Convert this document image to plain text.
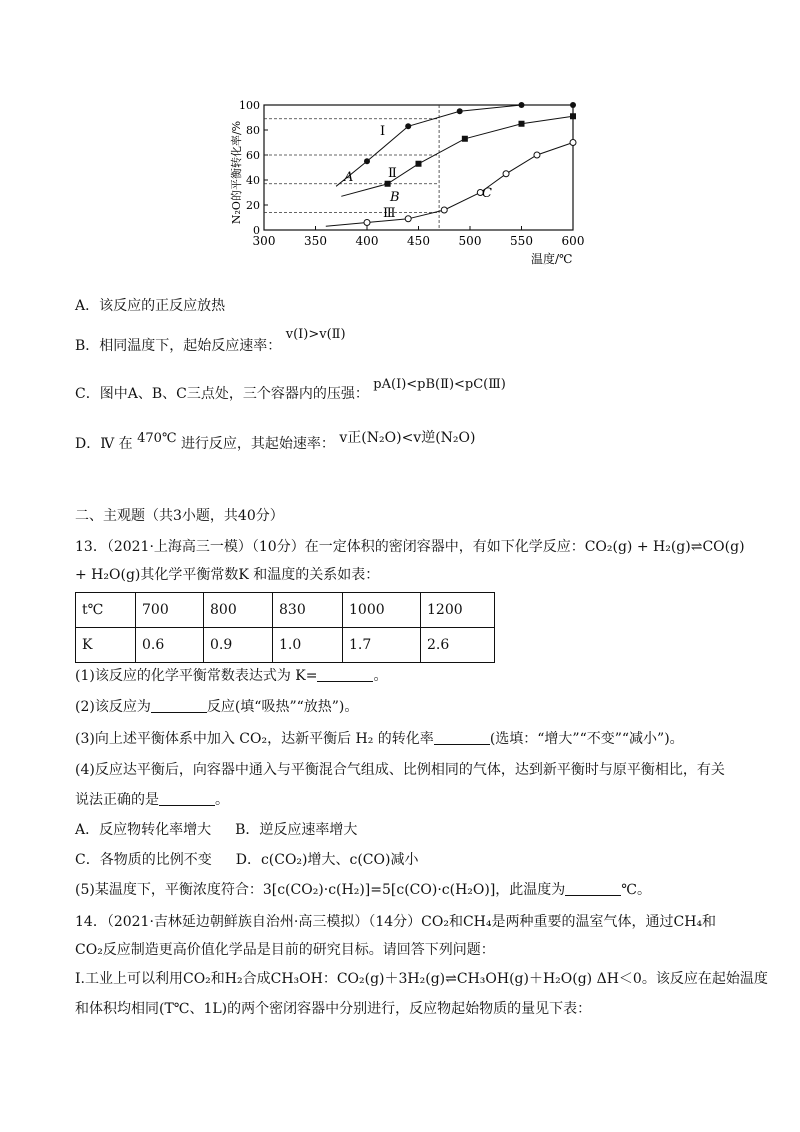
300 350 400 450 500 550 600
0
20
40
60
80
100
温度/℃
N₂O的平衡转化率/%	Ⅰ
Ⅱ
Ⅲ
A
B	C
A．该反应的正反应放热
B．相同温度下，起始反应速率： v(Ⅰ)>v(Ⅱ)
C．图中A、B、C三点处，三个容器内的压强： pA(Ⅰ)<pB(Ⅱ)<pC(Ⅲ)
D．Ⅳ 在 470℃ 进行反应，其起始速率： v正(N₂O)<v逆(N₂O)
二、主观题（共3小题，共40分）
13．（2021·上海高三一模）（10分）在一定体积的密闭容器中，有如下化学反应：CO₂(g) + H₂(g)⇌CO(g)
+ H₂O(g)其化学平衡常数K 和温度的关系如表：
t℃	700	800	830	1000	1200
K	0.6	0.9	1.0	1.7	2.6
(1)该反应的化学平衡常数表达式为 K=	。
(2)该反应为	反应(填“吸热”“放热”)。
(3)向上述平衡体系中加入 CO₂，达新平衡后 H₂ 的转化率	(选填：“增大”“不变”“减小”)。
(4)反应达平衡后，向容器中通入与平衡混合气组成、比例相同的气体，达到新平衡时与原平衡相比，有关
说法正确的是	。
A．反应物转化率增大 B．逆反应速率增大
C．各物质的比例不变 D．c(CO₂)增大、c(CO)减小
(5)某温度下，平衡浓度符合：3[c(CO₂)·c(H₂)]=5[c(CO)·c(H₂O)]，此温度为	℃。
14．（2021·吉林延边朝鲜族自治州·高三模拟）（14分）CO₂和CH₄是两种重要的温室气体，通过CH₄和
CO₂反应制造更高价值化学品是目前的研究目标。请回答下列问题：
I.工业上可以利用CO₂和H₂合成CH₃OH：CO₂(g)＋3H₂(g)⇌CH₃OH(g)＋H₂O(g) ΔH＜0。该反应在起始温度
和体积均相同(T℃、1L)的两个密闭容器中分别进行，反应物起始物质的量见下表：
